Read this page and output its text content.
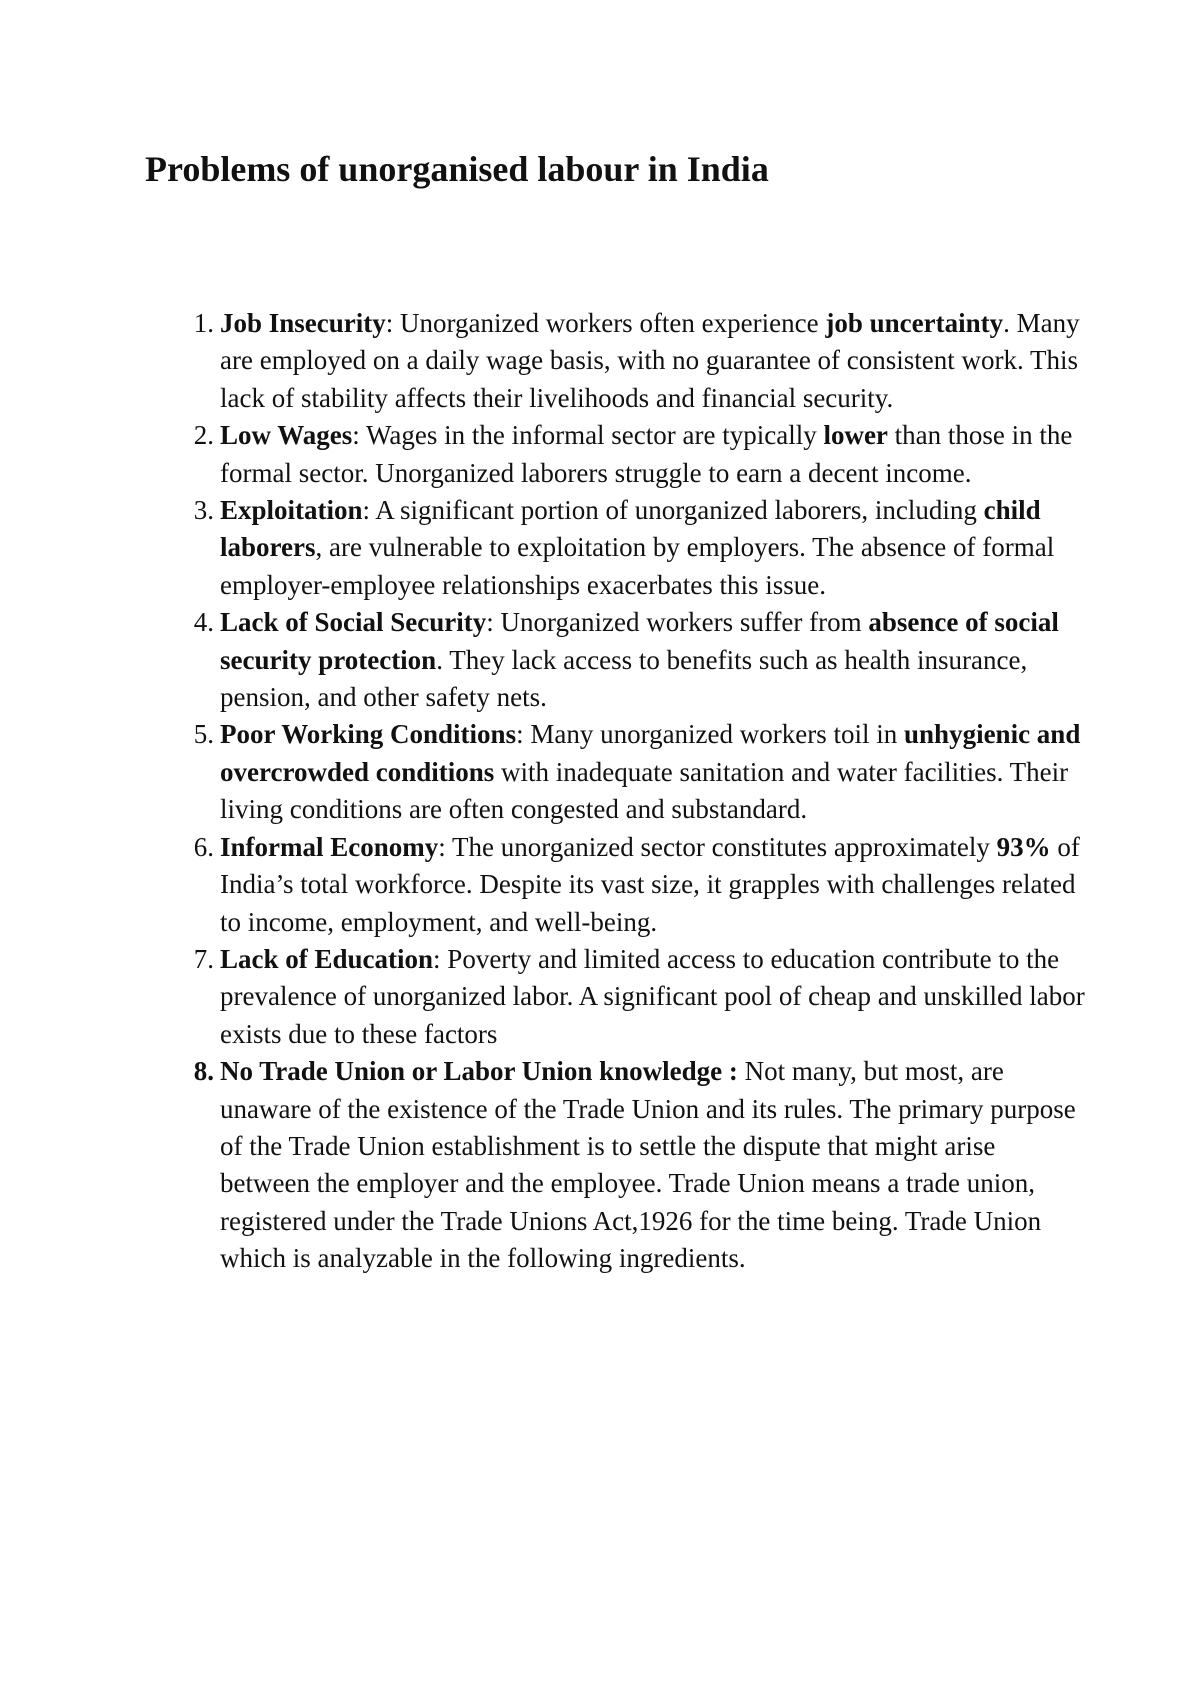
Problems of unorganised labour in India
1. Job Insecurity: Unorganized workers often experience job uncertainty. Many are employed on a daily wage basis, with no guarantee of consistent work. This lack of stability affects their livelihoods and financial security.
2. Low Wages: Wages in the informal sector are typically lower than those in the formal sector. Unorganized laborers struggle to earn a decent income.
3. Exploitation: A significant portion of unorganized laborers, including child laborers, are vulnerable to exploitation by employers. The absence of formal employer-employee relationships exacerbates this issue.
4. Lack of Social Security: Unorganized workers suffer from absence of social security protection. They lack access to benefits such as health insurance, pension, and other safety nets.
5. Poor Working Conditions: Many unorganized workers toil in unhygienic and overcrowded conditions with inadequate sanitation and water facilities. Their living conditions are often congested and substandard.
6. Informal Economy: The unorganized sector constitutes approximately 93% of India’s total workforce. Despite its vast size, it grapples with challenges related to income, employment, and well-being.
7. Lack of Education: Poverty and limited access to education contribute to the prevalence of unorganized labor. A significant pool of cheap and unskilled labor exists due to these factors
8. No Trade Union or Labor Union knowledge : Not many, but most, are unaware of the existence of the Trade Union and its rules. The primary purpose of the Trade Union establishment is to settle the dispute that might arise between the employer and the employee. Trade Union means a trade union, registered under the Trade Unions Act,1926 for the time being. Trade Union which is analyzable in the following ingredients.
